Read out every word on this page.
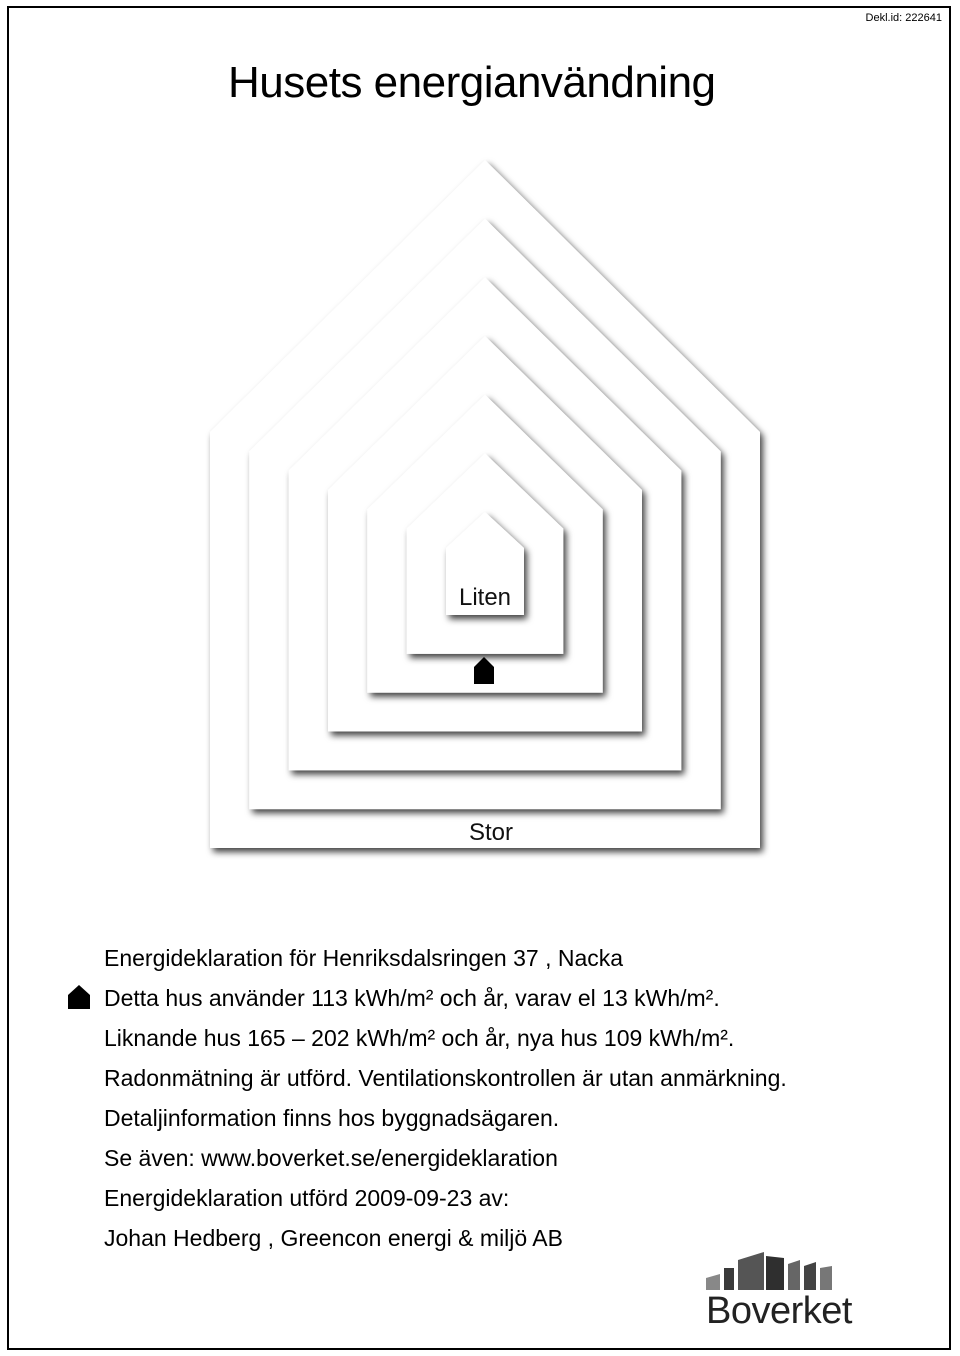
Dekl.id: 222641
Husets energianvändning
Liten
Stor
Energideklaration för Henriksdalsringen 37 , Nacka
Detta hus använder 113 kWh/m² och år, varav el 13 kWh/m².
Liknande hus 165 – 202 kWh/m² och år, nya hus 109 kWh/m².
Radonmätning är utförd. Ventilationskontrollen är utan anmärkning.
Detaljinformation finns hos byggnadsägaren.
Se även: www.boverket.se/energideklaration
Energideklaration utförd 2009-09-23 av:
Johan Hedberg , Greencon energi & miljö AB
Boverket
